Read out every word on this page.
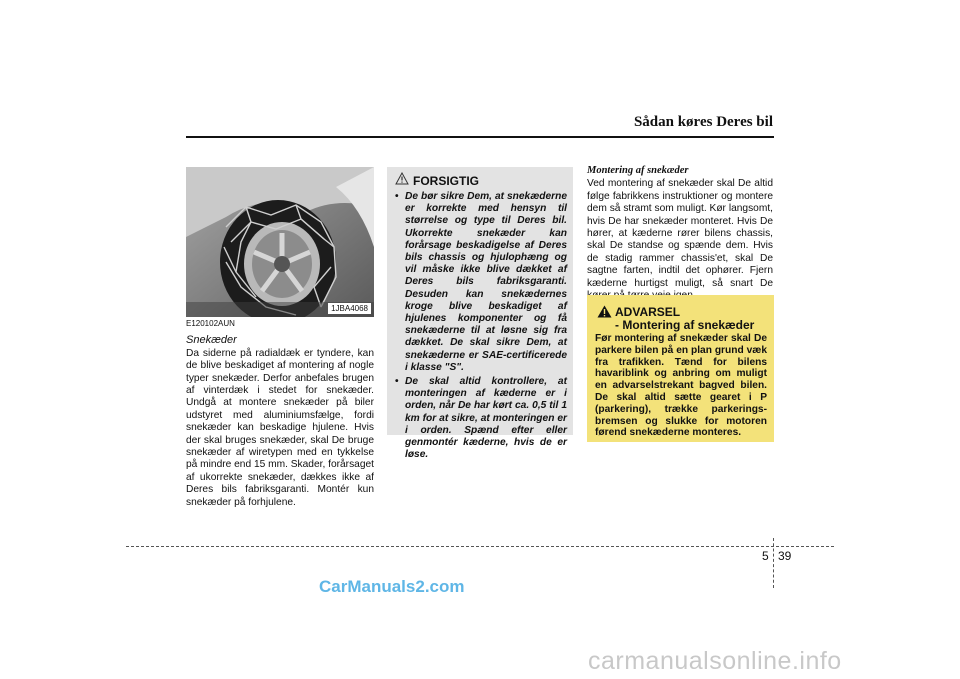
Sådan køres Deres bil
1JBA4068
E120102AUN
Snekæder
Da siderne på radialdæk er tyndere, kan de blive beskadiget af montering af nogle typer snekæder. Derfor anbefales brugen af vinterdæk i stedet for snekæder. Undgå at montere snekæder på biler udstyret med aluminiumsfælge, fordi snekæder kan beskadige hjulene. Hvis der skal bruges snekæder, skal De bruge snekæder af wiretypen med en tykkelse på mindre end 15 mm. Skader, forårsaget af ukorrekte snekæder, dækkes ikke af Deres bils fabriksgaranti. Montér kun snekæder på forhjulene.
FORSIGTIG
• De bør sikre Dem, at snekæderne er korrekte med hensyn til størrelse og type til Deres bil. Ukorrekte snekæder kan forårsage beskadigelse af Deres bils chassis og hjulophæng og vil måske ikke blive dækket af Deres bils fabriksgaranti. Desuden kan snekædernes kroge blive beskadiget af hjulenes komponenter og få snekæderne til at løsne sig fra dækket. De skal sikre Dem, at snekæderne er SAE-certificerede i klasse "S".
• De skal altid kontrollere, at monteringen af kæderne er i orden, når De har kørt ca. 0,5 til 1 km for at sikre, at monteringen er i orden. Spænd efter eller genmontér kæderne, hvis de er løse.
Montering af snekæder
Ved montering af snekæder skal De altid følge fabrikkens instruktioner og montere dem så stramt som muligt. Kør langsomt, hvis De har snekæder monteret. Hvis De hører, at kæderne rører bilens chassis, skal De standse og spænde dem. Hvis de stadig rammer chassis'et, skal De sagtne farten, indtil det ophører. Fjern kæderne hurtigst muligt, så snart De
ADVARSEL
- Montering af snekæder
Før montering af snekæder skal De parkere bilen på en plan grund væk fra trafikken. Tænd for bilens havariblink og anbring om muligt en advarselstrekant bagved bilen. De skal altid sætte gearet i P (parkering), trække parkerings-bremsen og slukke for motoren førend snekæderne monteres.
5 39
CarManuals2.com
carmanualsonline.info
